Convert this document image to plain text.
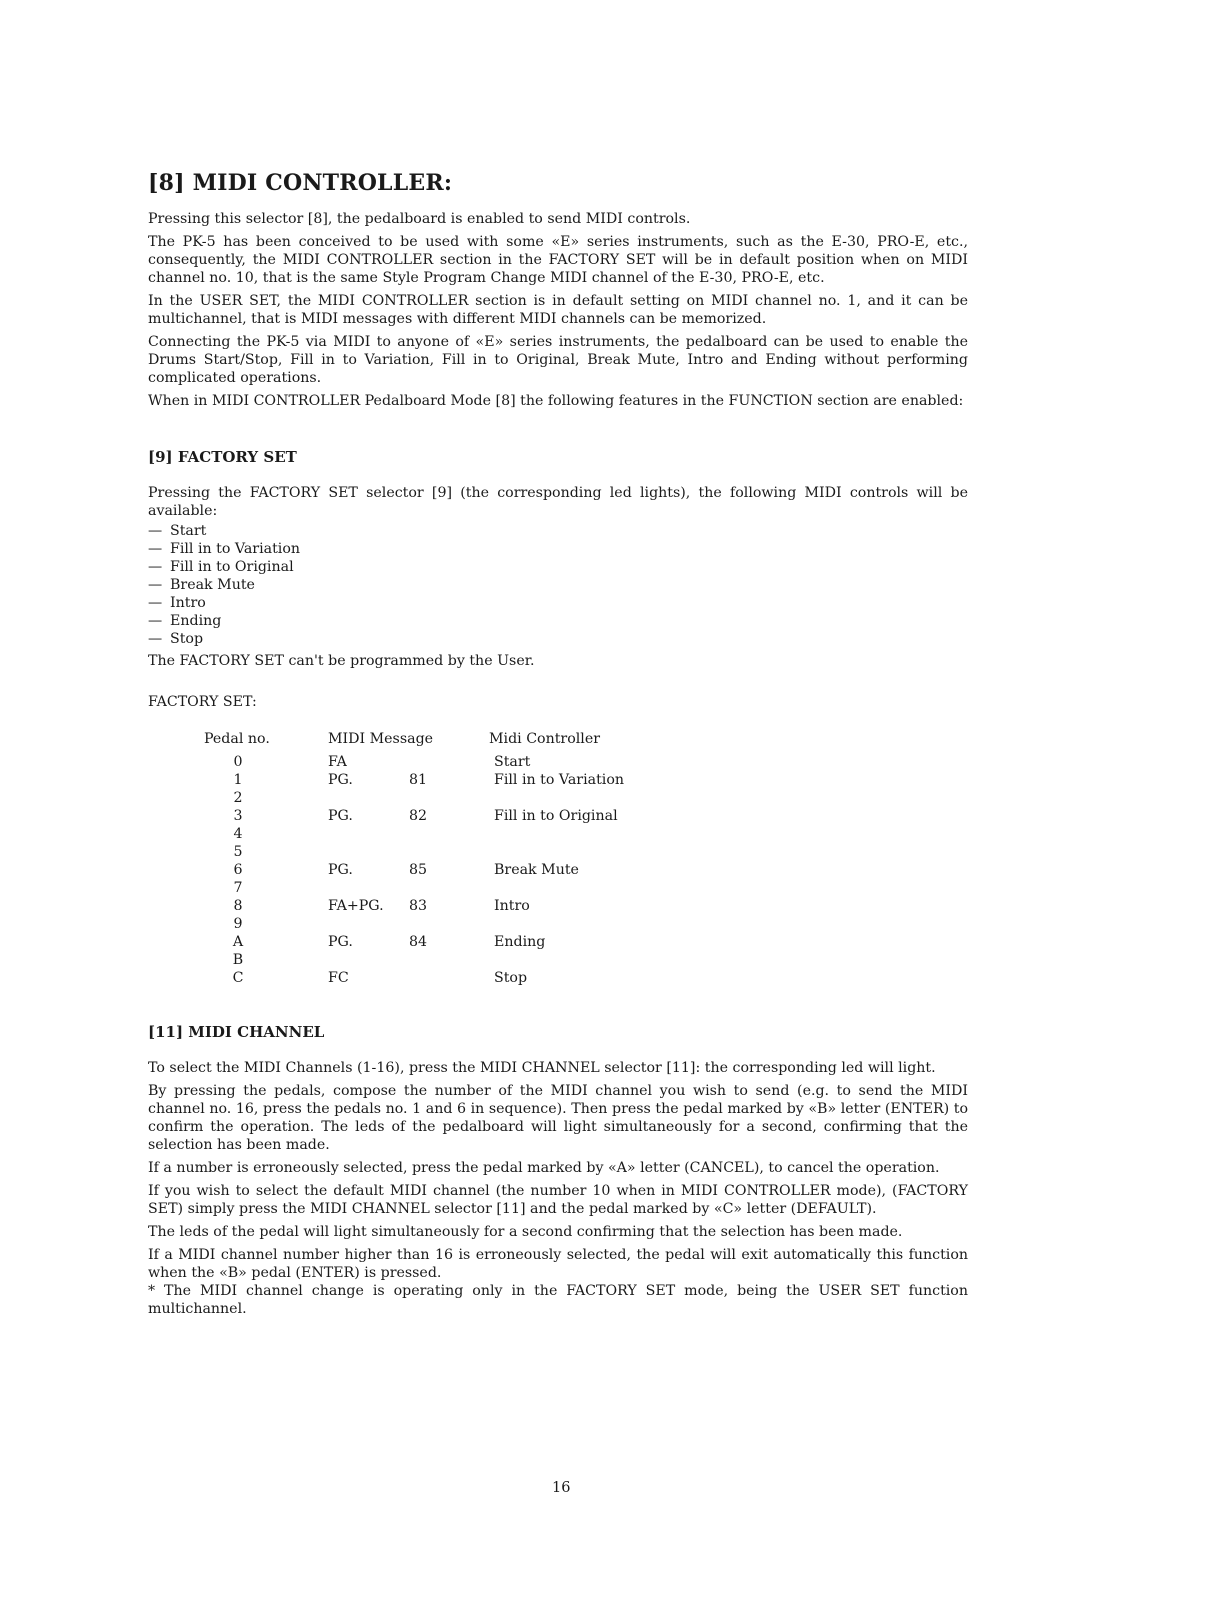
[8] MIDI CONTROLLER:

Pressing this selector [8], the pedalboard is enabled to send MIDI controls.

The PK-5 has been conceived to be used with some «E» series instruments, such as the E-30, PRO-E, etc., consequently, the MIDI CONTROLLER section in the FACTORY SET will be in default position when on MIDI channel no. 10, that is the same Style Program Change MIDI channel of the E-30, PRO-E, etc.

In the USER SET, the MIDI CONTROLLER section is in default setting on MIDI channel no. 1, and it can be multichannel, that is MIDI messages with different MIDI channels can be memorized.

Connecting the PK-5 via MIDI to anyone of «E» series instruments, the pedalboard can be used to enable the Drums Start/Stop, Fill in to Variation, Fill in to Original, Break Mute, Intro and Ending without performing complicated operations.

When in MIDI CONTROLLER Pedalboard Mode [8] the following features in the FUNCTION section are enabled:

[9] FACTORY SET

Pressing the FACTORY SET selector [9] (the corresponding led lights), the following MIDI controls will be available:

— Start
— Fill in to Variation
— Fill in to Original
— Break Mute
— Intro
— Ending
— Stop

The FACTORY SET can't be programmed by the User.

FACTORY SET:

Pedal no.	MIDI Message	Midi Controller
0	FA	Start
1	PG.	81	Fill in to Variation
2
3	PG.	82	Fill in to Original
4
5
6	PG.	85	Break Mute
7
8	FA+PG. 83	Intro
9
A	PG.	84	Ending
B
C	FC	Stop
[11] MIDI CHANNEL

To select the MIDI Channels (1-16), press the MIDI CHANNEL selector [11]: the corresponding led will light.

By pressing the pedals, compose the number of the MIDI channel you wish to send (e.g. to send the MIDI channel no. 16, press the pedals no. 1 and 6 in sequence). Then press the pedal marked by «B» letter (ENTER) to confirm the operation. The leds of the pedalboard will light simultaneously for a second, confirming that the selection has been made.

If a number is erroneously selected, press the pedal marked by «A» letter (CANCEL), to cancel the operation.

If you wish to select the default MIDI channel (the number 10 when in MIDI CONTROLLER mode), (FACTORY SET) simply press the MIDI CHANNEL selector [11] and the pedal marked by «C» letter (DEFAULT).

The leds of the pedal will light simultaneously for a second confirming that the selection has been made.

If a MIDI channel number higher than 16 is erroneously selected, the pedal will exit automatically this function when the «B» pedal (ENTER) is pressed.

* The MIDI channel change is operating only in the FACTORY SET mode, being the USER SET function multichannel.

16
